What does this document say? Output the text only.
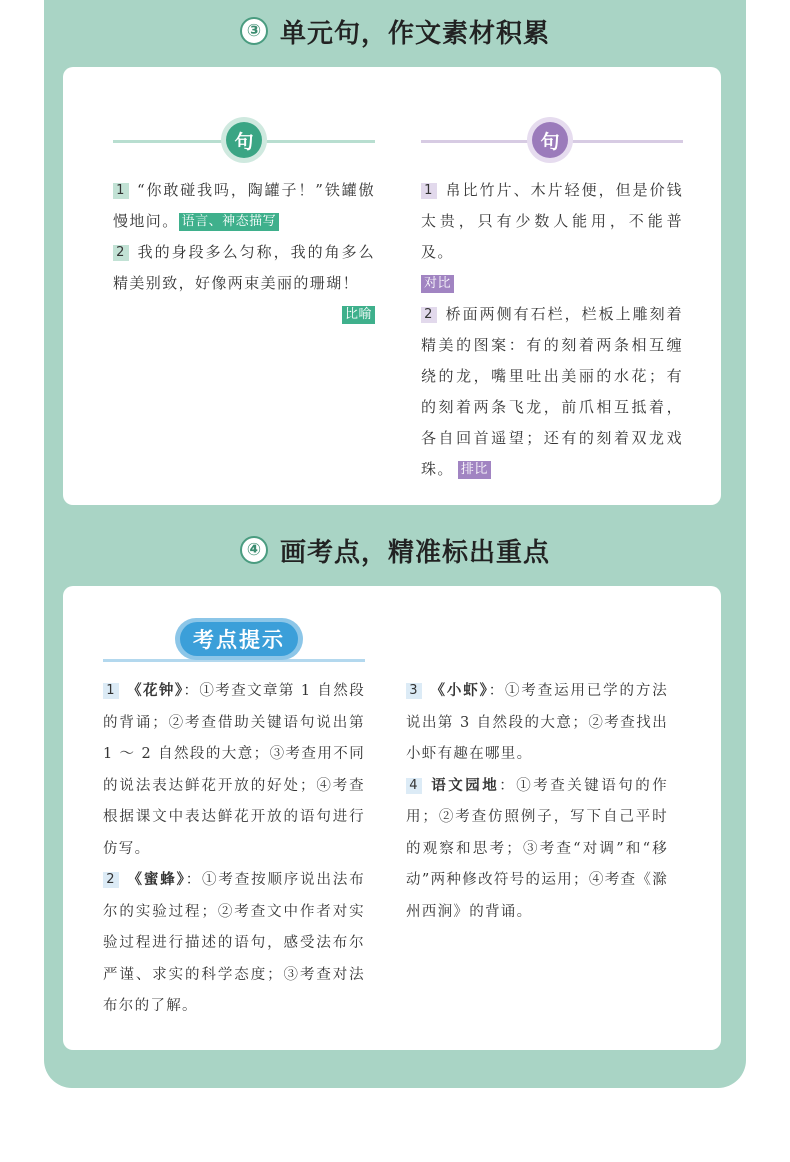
③ 单元句，作文素材积累
句
1 “你敢碰我吗，陶罐子！”铁罐傲慢地问。 语言、神态描写
2 我的身段多么匀称，我的角多么精美别致，好像两束美丽的珊瑚！
比喻
句
1 帛比竹片、木片轻便，但是价钱太贵，只有少数人能用，不能普及。
对比
2 桥面两侧有石栏，栏板上雕刻着精美的图案：有的刻着两条相互缠绕的龙，嘴里吐出美丽的水花；有的刻着两条飞龙，前爪相互抵着，各自回首遥望；还有的刻着双龙戏珠。 排比
④ 画考点，精准标出重点
考点提示
1 《花钟》：①考查文章第 1 自然段的背诵；②考查借助关键语句说出第 1 ～ 2 自然段的大意；③考查用不同的说法表达鲜花开放的好处；④考查根据课文中表达鲜花开放的语句进行仿写。
2 《蜜蜂》：①考查按顺序说出法布尔的实验过程；②考查文中作者对实验过程进行描述的语句，感受法布尔严谨、求实的科学态度；③考查对法布尔的了解。
3 《小虾》：①考查运用已学的方法说出第 3 自然段的大意；②考查找出小虾有趣在哪里。
4 语文园地：①考查关键语句的作用；②考查仿照例子，写下自己平时的观察和思考；③考查“对调”和“移动”两种修改符号的运用；④考查《滁州西涧》的背诵。
